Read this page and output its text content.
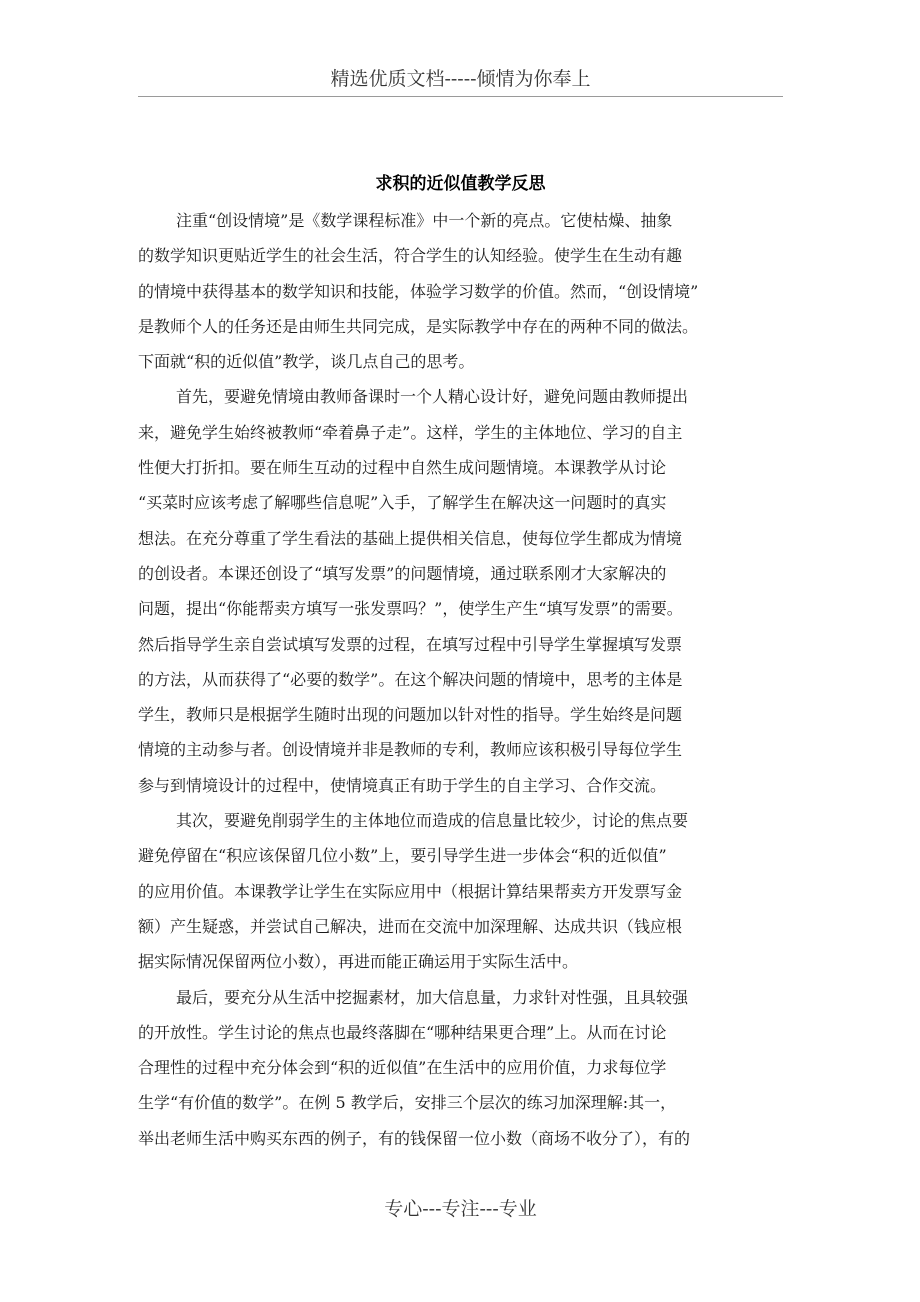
精选优质文档-----倾情为你奉上
求积的近似值教学反思
注重“创设情境”是《数学课程标准》中一个新的亮点。它使枯燥、抽象
的数学知识更贴近学生的社会生活，符合学生的认知经验。使学生在生动有趣
的情境中获得基本的数学知识和技能，体验学习数学的价值。然而，“创设情境”
是教师个人的任务还是由师生共同完成，是实际教学中存在的两种不同的做法。
下面就“积的近似值”教学，谈几点自己的思考。
首先，要避免情境由教师备课时一个人精心设计好，避免问题由教师提出
来，避免学生始终被教师“牵着鼻子走”。这样，学生的主体地位、学习的自主
性便大打折扣。要在师生互动的过程中自然生成问题情境。本课教学从讨论
“买菜时应该考虑了解哪些信息呢”入手，了解学生在解决这一问题时的真实
想法。在充分尊重了学生看法的基础上提供相关信息，使每位学生都成为情境
的创设者。本课还创设了“填写发票”的问题情境，通过联系刚才大家解决的
问题，提出“你能帮卖方填写一张发票吗？”，使学生产生“填写发票”的需要。
然后指导学生亲自尝试填写发票的过程，在填写过程中引导学生掌握填写发票
的方法，从而获得了“必要的数学”。在这个解决问题的情境中，思考的主体是
学生，教师只是根据学生随时出现的问题加以针对性的指导。学生始终是问题
情境的主动参与者。创设情境并非是教师的专利，教师应该积极引导每位学生
参与到情境设计的过程中，使情境真正有助于学生的自主学习、合作交流。
其次，要避免削弱学生的主体地位而造成的信息量比较少，讨论的焦点要
避免停留在“积应该保留几位小数”上，要引导学生进一步体会“积的近似值”
的应用价值。本课教学让学生在实际应用中（根据计算结果帮卖方开发票写金
额）产生疑惑，并尝试自己解决，进而在交流中加深理解、达成共识（钱应根
据实际情况保留两位小数），再进而能正确运用于实际生活中。
最后，要充分从生活中挖掘素材，加大信息量，力求针对性强，且具较强
的开放性。学生讨论的焦点也最终落脚在“哪种结果更合理”上。从而在讨论
合理性的过程中充分体会到“积的近似值”在生活中的应用价值，力求每位学
生学“有价值的数学”。在例 5 教学后，安排三个层次的练习加深理解:其一，
举出老师生活中购买东西的例子，有的钱保留一位小数（商场不收分了），有的
专心---专注---专业
